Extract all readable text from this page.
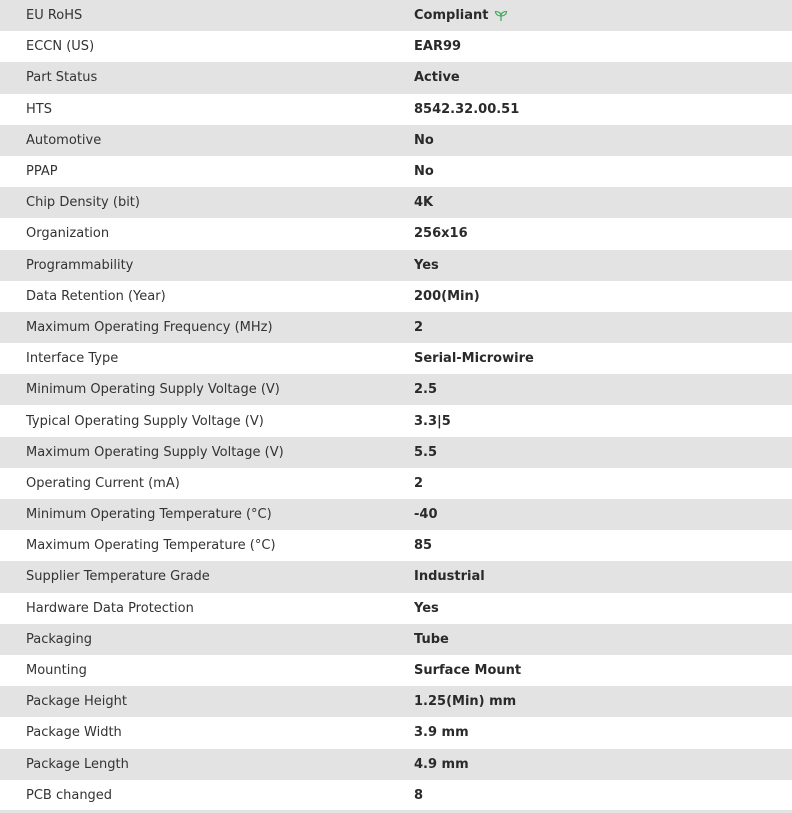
EU RoHS	Compliant
ECCN (US)	EAR99
Part Status	Active
HTS	8542.32.00.51
Automotive	No
PPAP	No
Chip Density (bit)	4K
Organization	256x16
Programmability	Yes
Data Retention (Year)	200(Min)
Maximum Operating Frequency (MHz)	2
Interface Type	Serial-Microwire
Minimum Operating Supply Voltage (V)	2.5
Typical Operating Supply Voltage (V)	3.3|5
Maximum Operating Supply Voltage (V)	5.5
Operating Current (mA)	2
Minimum Operating Temperature (°C)	-40
Maximum Operating Temperature (°C)	85
Supplier Temperature Grade	Industrial
Hardware Data Protection	Yes
Packaging	Tube
Mounting	Surface Mount
Package Height	1.25(Min) mm
Package Width	3.9 mm
Package Length	4.9 mm
PCB changed	8
